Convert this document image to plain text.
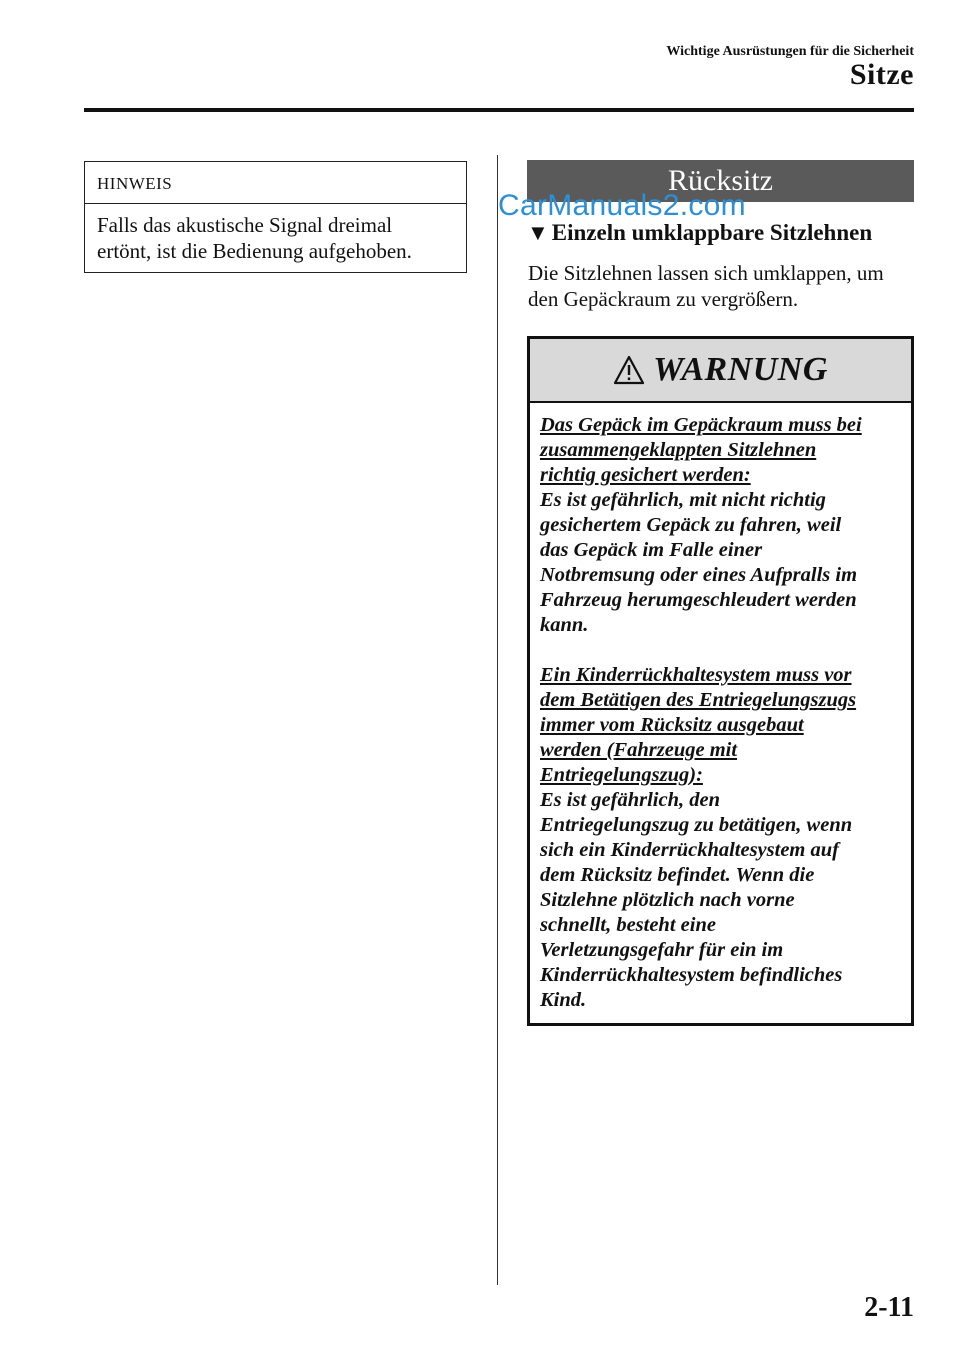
Wichtige Ausrüstungen für die Sicherheit
Sitze
HINWEIS
Falls das akustische Signal dreimal
ertönt, ist die Bedienung aufgehoben.
Rücksitz
CarManuals2.com
▼ Einzeln umklappbare Sitzlehnen
Die Sitzlehnen lassen sich umklappen, um
den Gepäckraum zu vergrößern.
WARNUNG

Das Gepäck im Gepäckraum muss bei

zusammengeklappten Sitzlehnen

richtig gesichert werden:

Es ist gefährlich, mit nicht richtig

gesichertem Gepäck zu fahren, weil

das Gepäck im Falle einer

Notbremsung oder eines Aufpralls im

Fahrzeug herumgeschleudert werden

kann.

Ein Kinderrückhaltesystem muss vor

dem Betätigen des Entriegelungszugs

immer vom Rücksitz ausgebaut

werden (Fahrzeuge mit

Entriegelungszug):

Es ist gefährlich, den

Entriegelungszug zu betätigen, wenn

sich ein Kinderrückhaltesystem auf

dem Rücksitz befindet. Wenn die

Sitzlehne plötzlich nach vorne

schnellt, besteht eine

Verletzungsgefahr für ein im

Kinderrückhaltesystem befindliches

Kind.

2-11
